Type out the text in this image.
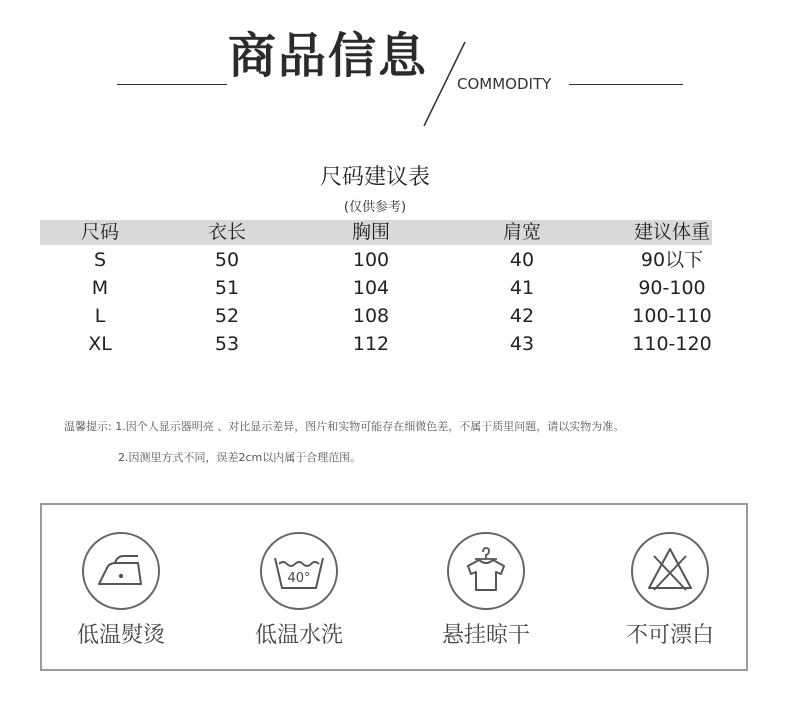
商品信息 COMMODITY
尺码建议表
(仅供参考)
尺码	衣长	胸围	肩宽	建议体重
S	50	100	40	90以下
M	51	104	41	90-100
L	52	108	42	100-110
XL	53	112	43	110-120
温馨提示: 1.因个人显示器明亮 、对比显示差异，图片和实物可能存在细微色差，不属于质里问题，请以实物为准。
2.因测里方式不同，误差2cm以内属于合理范围。
低温熨烫
40°
低温水洗	悬挂晾干	不可漂白
